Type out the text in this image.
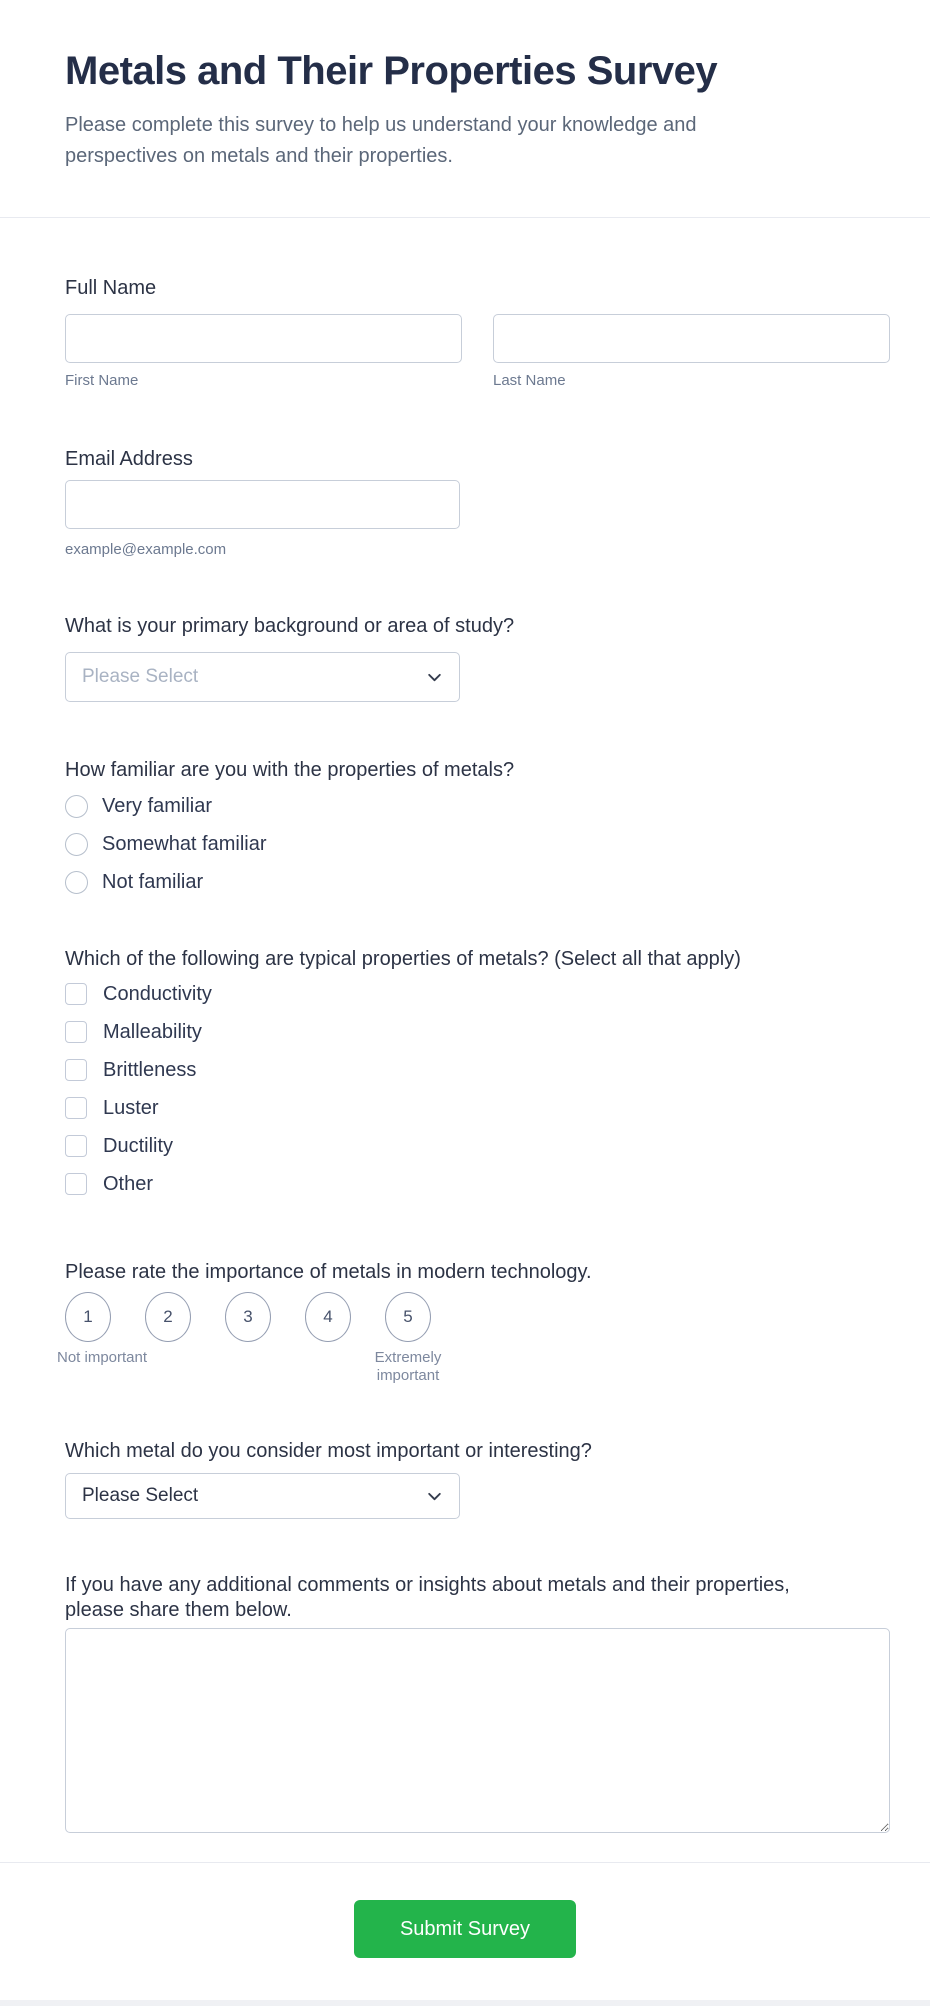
Metals and Their Properties Survey
Please complete this survey to help us understand your knowledge and perspectives on metals and their properties.
Full Name
First Name	Last Name
Email Address
example@example.com
What is your primary background or area of study?
Please Select
How familiar are you with the properties of metals?
Very familiar
Somewhat familiar
Not familiar
Which of the following are typical properties of metals? (Select all that apply)
Conductivity
Malleability
Brittleness
Luster
Ductility
Other
Please rate the importance of metals in modern technology.
1	2	3	4	5
Not important	Extremely important
Which metal do you consider most important or interesting?
Please Select
If you have any additional comments or insights about metals and their properties, please share them below.
Submit Survey
